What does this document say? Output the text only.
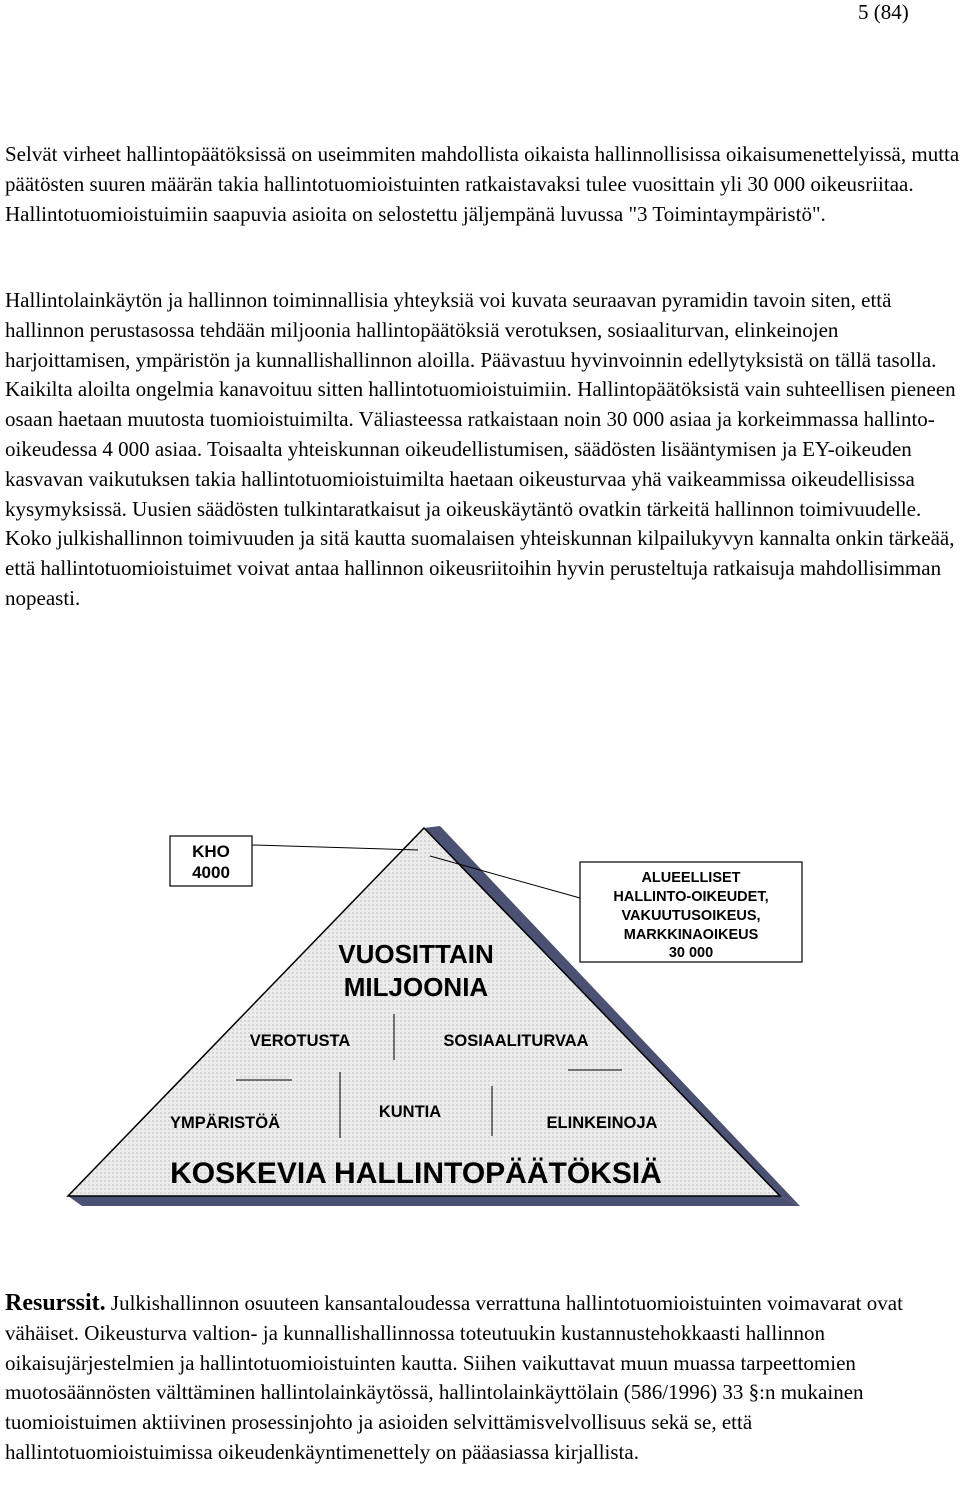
5 (84)

Selvät virheet hallintopäätöksissä on useimmiten mahdollista oikaista hallinnollisissa oikaisumenettelyissä, mutta päätösten suuren määrän takia hallintotuomioistuinten ratkaistavaksi tulee vuosittain yli 30 000 oikeusriitaa. Hallintotuomioistuimiin saapuvia asioita on selostettu jäljempänä luvussa "3 Toimintaympäristö".

Hallintolainkäytön ja hallinnon toiminnallisia yhteyksiä voi kuvata seuraavan pyramidin tavoin siten, että hallinnon perustasossa tehdään miljoonia hallintopäätöksiä verotuksen, sosiaaliturvan, elinkeinojen harjoittamisen, ympäristön ja kunnallishallinnon aloilla. Päävastuu hyvinvoinnin edellytyksistä on tällä tasolla. Kaikilta aloilta ongelmia kanavoituu sitten hallintotuomioistuimiin. Hallintopäätöksistä vain suhteellisen pieneen osaan haetaan muutosta tuomioistuimilta. Väliasteessa ratkaistaan noin 30 000 asiaa ja korkeimmassa hallinto-oikeudessa 4 000 asiaa. Toisaalta yhteiskunnan oikeudellistumisen, säädösten lisääntymisen ja EY-oikeuden kasvavan vaikutuksen takia hallintotuomioistuimilta haetaan oikeusturvaa yhä vaikeammissa oikeudellisissa kysymyksissä. Uusien säädösten tulkintaratkaisut ja oikeuskäytäntö ovatkin tärkeitä hallinnon toimivuudelle. Koko julkishallinnon toimivuuden ja sitä kautta suomalaisen yhteiskunnan kilpailukyvyn kannalta onkin tärkeää, että hallintotuomioistuimet voivat antaa hallinnon oikeusriitoihin hyvin perusteltuja ratkaisuja mahdollisimman nopeasti.

KHO
4000	ALUEELLISET
HALLINTO-OIKEUDET,
VAKUUTUSOIKEUS,
MARKKINAOIKEUS
30 000
VUOSITTAIN
MILJOONIA
VEROTUSTA	SOSIAALITURVAA
YMPÄRISTÖÄ
KUNTIA
ELINKEINOJA
KOSKEVIA HALLINTOPÄÄTÖKSIÄ

Resurssit. Julkishallinnon osuuteen kansantaloudessa verrattuna hallintotuomioistuinten voimavarat ovat vähäiset. Oikeusturva valtion- ja kunnallishallinnossa toteutuukin kustannustehokkaasti hallinnon oikaisujärjestelmien ja hallintotuomioistuinten kautta. Siihen vaikuttavat muun muassa tarpeettomien muotosäännösten välttäminen hallintolainkäytössä, hallintolainkäyttölain (586/1996) 33 §:n mukainen tuomioistuimen aktiivinen prosessinjohto ja asioiden selvittämisvelvollisuus sekä se, että hallintotuomioistuimissa oikeudenkäyntimenettely on pääasiassa kirjallista.
